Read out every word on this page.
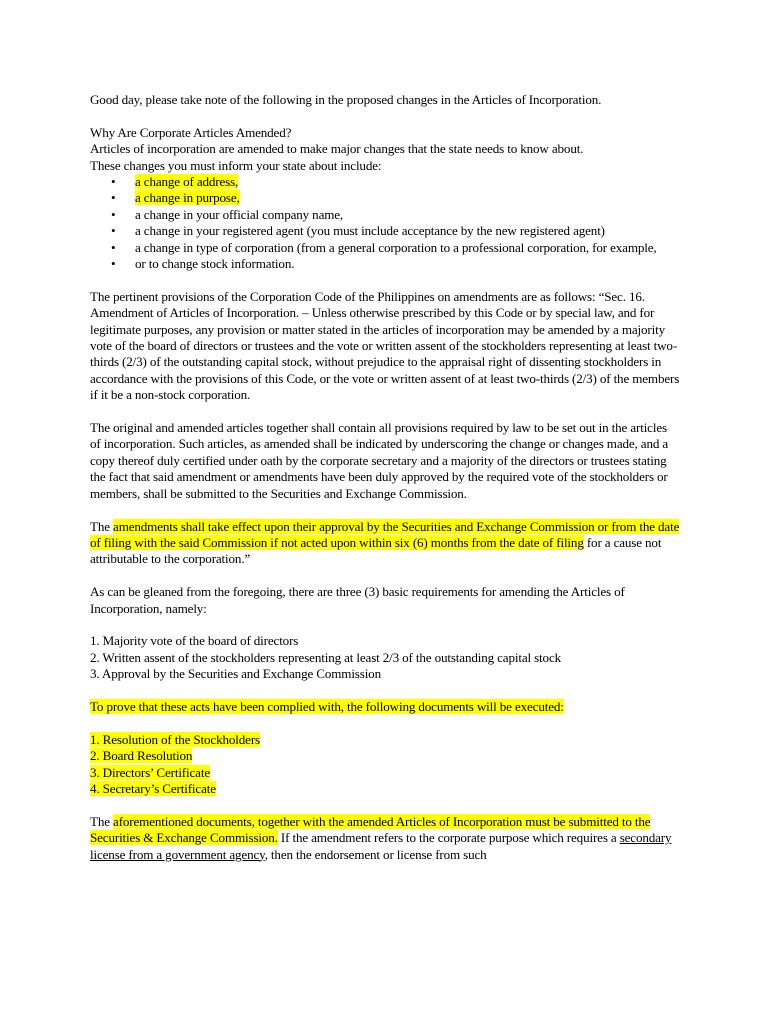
Good day, please take note of the following in the proposed changes in the Articles of Incorporation.

Why Are Corporate Articles Amended?

Articles of incorporation are amended to make major changes that the state needs to know about.

These changes you must inform your state about include:

• a change of address,
• a change in purpose,
• a change in your official company name,
• a change in your registered agent (you must include acceptance by the new registered agent)
• a change in type of corporation (from a general corporation to a professional corporation, for example,
• or to change stock information.

The pertinent provisions of the Corporation Code of the Philippines on amendments are as follows: “Sec. 16. Amendment of Articles of Incorporation. – Unless otherwise prescribed by this Code or by special law, and for legitimate purposes, any provision or matter stated in the articles of incorporation may be amended by a majority vote of the board of directors or trustees and the vote or written assent of the stockholders representing at least two-thirds (2/3) of the outstanding capital stock, without prejudice to the appraisal right of dissenting stockholders in accordance with the provisions of this Code, or the vote or written assent of at least two-thirds (2/3) of the members if it be a non-stock corporation.

The original and amended articles together shall contain all provisions required by law to be set out in the articles of incorporation. Such articles, as amended shall be indicated by underscoring the change or changes made, and a copy thereof duly certified under oath by the corporate secretary and a majority of the directors or trustees stating the fact that said amendment or amendments have been duly approved by the required vote of the stockholders or members, shall be submitted to the Securities and Exchange Commission.

The amendments shall take effect upon their approval by the Securities and Exchange Commission or from the date of filing with the said Commission if not acted upon within six (6) months from the date of filing for a cause not attributable to the corporation.”

As can be gleaned from the foregoing, there are three (3) basic requirements for amending the Articles of Incorporation, namely:

1. Majority vote of the board of directors

2. Written assent of the stockholders representing at least 2/3 of the outstanding capital stock

3. Approval by the Securities and Exchange Commission

To prove that these acts have been complied with, the following documents will be executed:

1. Resolution of the Stockholders

2. Board Resolution

3. Directors’ Certificate

4. Secretary’s Certificate

The aforementioned documents, together with the amended Articles of Incorporation must be submitted to the Securities & Exchange Commission. If the amendment refers to the corporate purpose which requires a secondary license from a government agency, then the endorsement or license from such
